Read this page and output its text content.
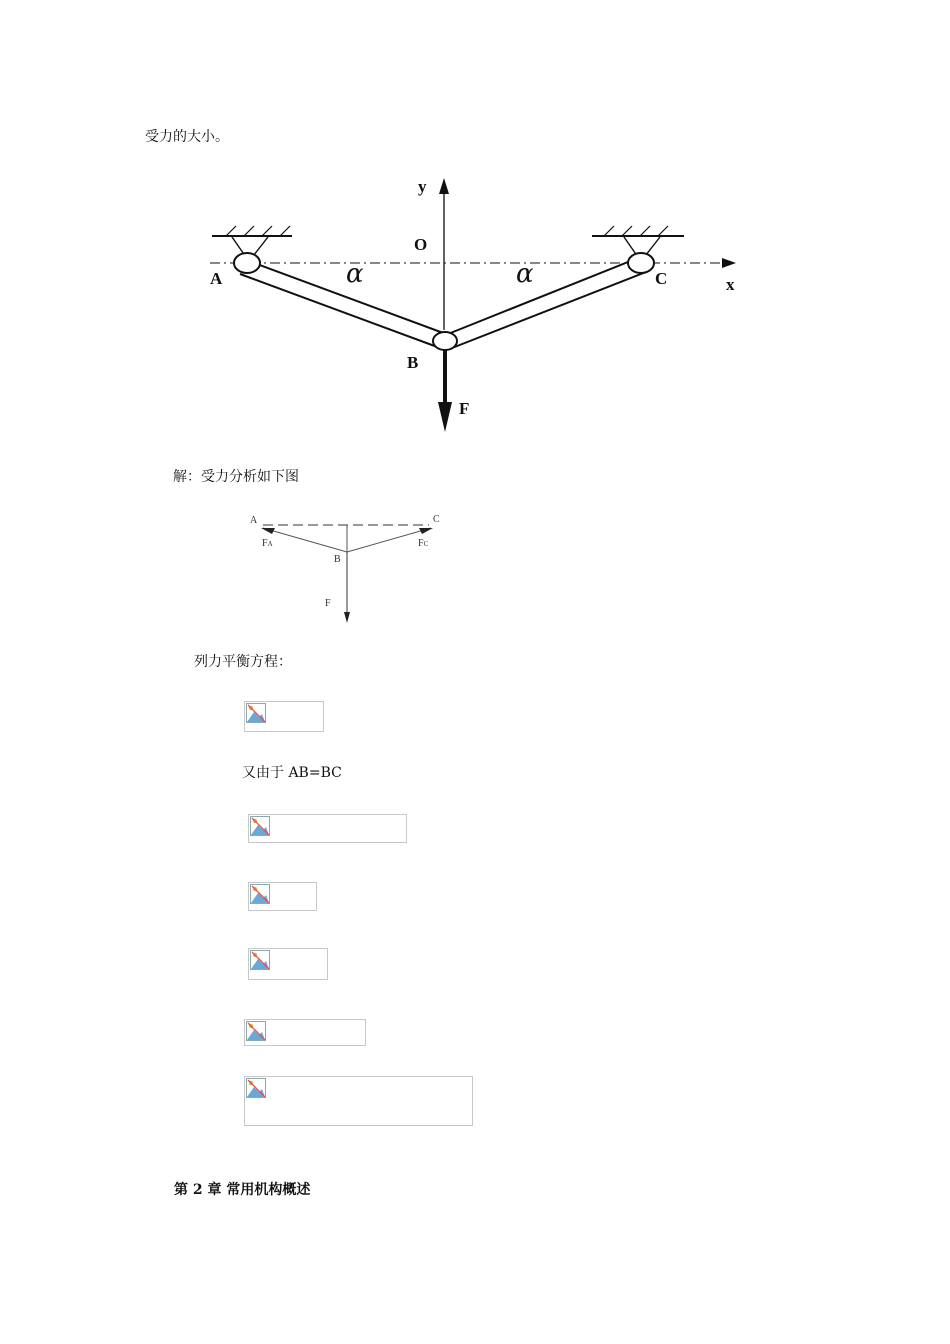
受力的大小。
y
O
A	C	x
B
F
α	α
解：受力分析如下图
A	C
B
FA	FC
F
列力平衡方程：
又由于 AB=BC
第 2 章 常用机构概述
